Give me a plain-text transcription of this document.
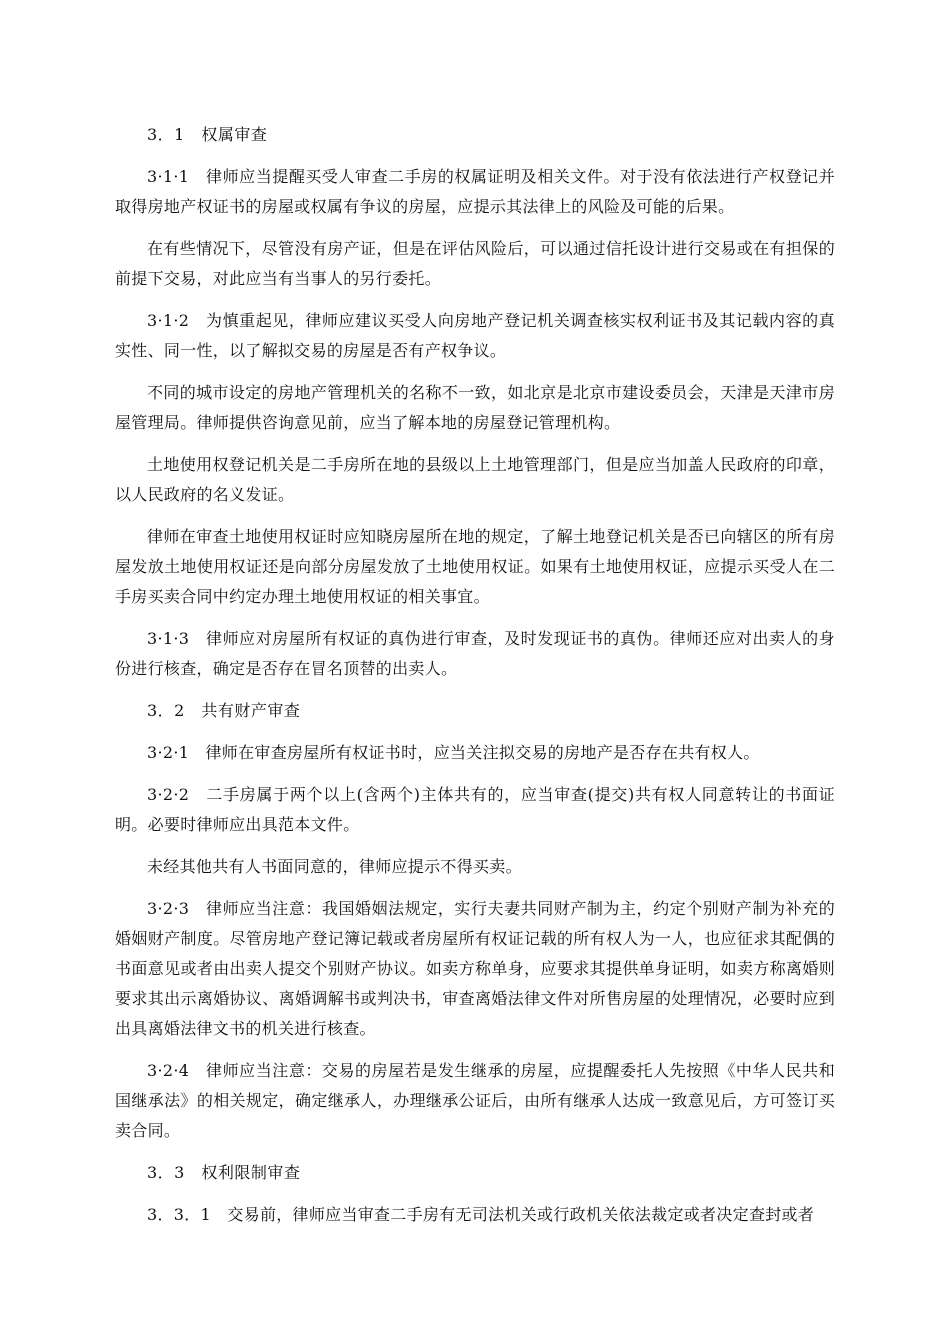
3．1　权属审查

3·1·1　律师应当提醒买受人审查二手房的权属证明及相关文件。对于没有依法进行产权登记并取得房地产权证书的房屋或权属有争议的房屋，应提示其法律上的风险及可能的后果。

在有些情况下，尽管没有房产证，但是在评估风险后，可以通过信托设计进行交易或在有担保的前提下交易，对此应当有当事人的另行委托。

3·1·2　为慎重起见，律师应建议买受人向房地产登记机关调查核实权利证书及其记载内容的真实性、同一性，以了解拟交易的房屋是否有产权争议。

不同的城市设定的房地产管理机关的名称不一致，如北京是北京市建设委员会，天津是天津市房屋管理局。律师提供咨询意见前，应当了解本地的房屋登记管理机构。

土地使用权登记机关是二手房所在地的县级以上土地管理部门，但是应当加盖人民政府的印章，以人民政府的名义发证。

律师在审查土地使用权证时应知晓房屋所在地的规定，了解土地登记机关是否已向辖区的所有房屋发放土地使用权证还是向部分房屋发放了土地使用权证。如果有土地使用权证，应提示买受人在二手房买卖合同中约定办理土地使用权证的相关事宜。

3·1·3　律师应对房屋所有权证的真伪进行审查，及时发现证书的真伪。律师还应对出卖人的身份进行核查，确定是否存在冒名顶替的出卖人。

3．2　共有财产审查

3·2·1　律师在审查房屋所有权证书时，应当关注拟交易的房地产是否存在共有权人。

3·2·2　二手房属于两个以上(含两个)主体共有的，应当审查(提交)共有权人同意转让的书面证明。必要时律师应出具范本文件。

未经其他共有人书面同意的，律师应提示不得买卖。

3·2·3　律师应当注意：我国婚姻法规定，实行夫妻共同财产制为主，约定个别财产制为补充的婚姻财产制度。尽管房地产登记簿记载或者房屋所有权证记载的所有权人为一人，也应征求其配偶的书面意见或者由出卖人提交个别财产协议。如卖方称单身，应要求其提供单身证明，如卖方称离婚则要求其出示离婚协议、离婚调解书或判决书，审查离婚法律文件对所售房屋的处理情况，必要时应到出具离婚法律文书的机关进行核查。

3·2·4　律师应当注意：交易的房屋若是发生继承的房屋，应提醒委托人先按照《中华人民共和国继承法》的相关规定，确定继承人，办理继承公证后，由所有继承人达成一致意见后，方可签订买卖合同。

3．3　权利限制审查

3．3．1　交易前，律师应当审查二手房有无司法机关或行政机关依法裁定或者决定查封或者
